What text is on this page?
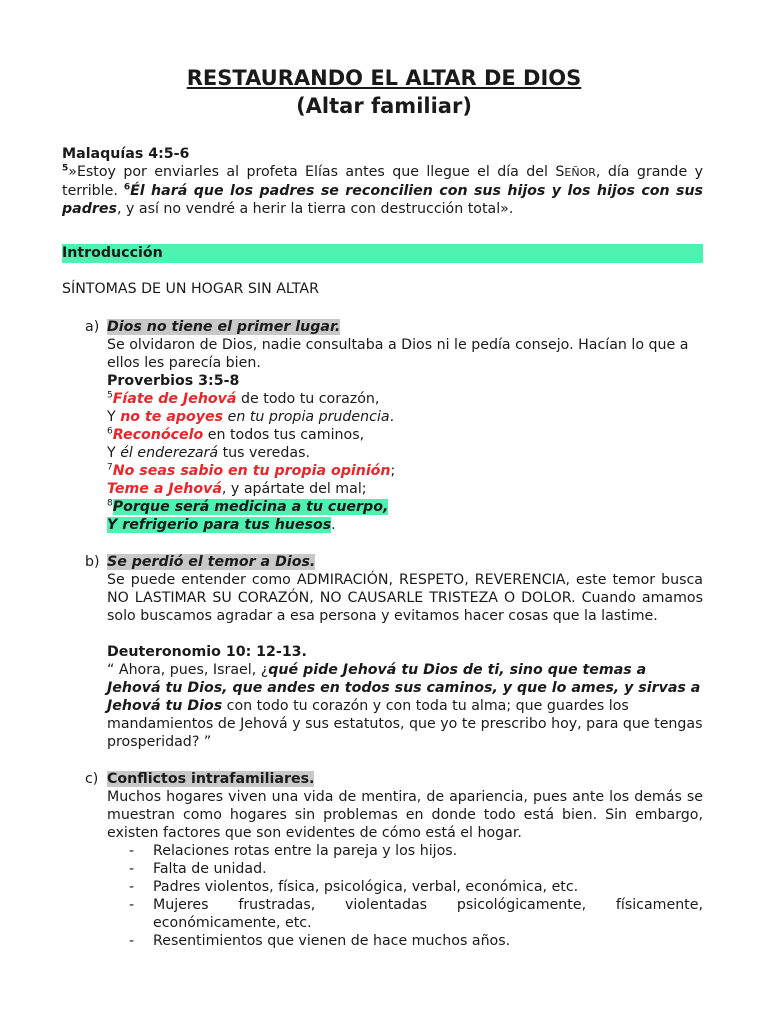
RESTAURANDO EL ALTAR DE DIOS
(Altar familiar)
Malaquías 4:5-6
$^5$»Estoy por enviarles al profeta Elías antes que llegue el día del SEÑOR, día grande y terrible. $^6$Él hará que los padres se reconcilien con sus hijos y los hijos con sus padres, y así no vendré a herir la tierra con destrucción total».
Introducción
SÍNTOMAS DE UN HOGAR SIN ALTAR
a) Dios no tiene el primer lugar.
Se olvidaron de Dios, nadie consultaba a Dios ni le pedía consejo. Hacían lo que a ellos les parecía bien.
Proverbios 3:5-8
$^5$Fíate de Jehová de todo tu corazón,
Y no te apoyes en tu propia prudencia.
$^6$Reconócelo en todos tus caminos,
Y él enderezará tus veredas.
$^7$No seas sabio en tu propia opinión;
Teme a Jehová, y apártate del mal;
$^8$Porque será medicina a tu cuerpo,
Y refrigerio para tus huesos.
b) Se perdió el temor a Dios.
Se puede entender como ADMIRACIÓN, RESPETO, REVERENCIA, este temor busca NO LASTIMAR SU CORAZÓN, NO CAUSARLE TRISTEZA O DOLOR. Cuando amamos solo buscamos agradar a esa persona y evitamos hacer cosas que la lastime.
Deuteronomio 10: 12-13.
“ Ahora, pues, Israel, ¿qué pide Jehová tu Dios de ti, sino que temas a Jehová tu Dios, que andes en todos sus caminos, y que lo ames, y sirvas a Jehová tu Dios con todo tu corazón y con toda tu alma; que guardes los mandamientos de Jehová y sus estatutos, que yo te prescribo hoy, para que tengas prosperidad? ”
c) Conflictos intrafamiliares.
Muchos hogares viven una vida de mentira, de apariencia, pues ante los demás se muestran como hogares sin problemas en donde todo está bien. Sin embargo, existen factores que son evidentes de cómo está el hogar.
- Relaciones rotas entre la pareja y los hijos.
- Falta de unidad.
- Padres violentos, física, psicológica, verbal, económica, etc.
- Mujeres frustradas, violentadas psicológicamente, físicamente, económicamente, etc.
- Resentimientos que vienen de hace muchos años.
